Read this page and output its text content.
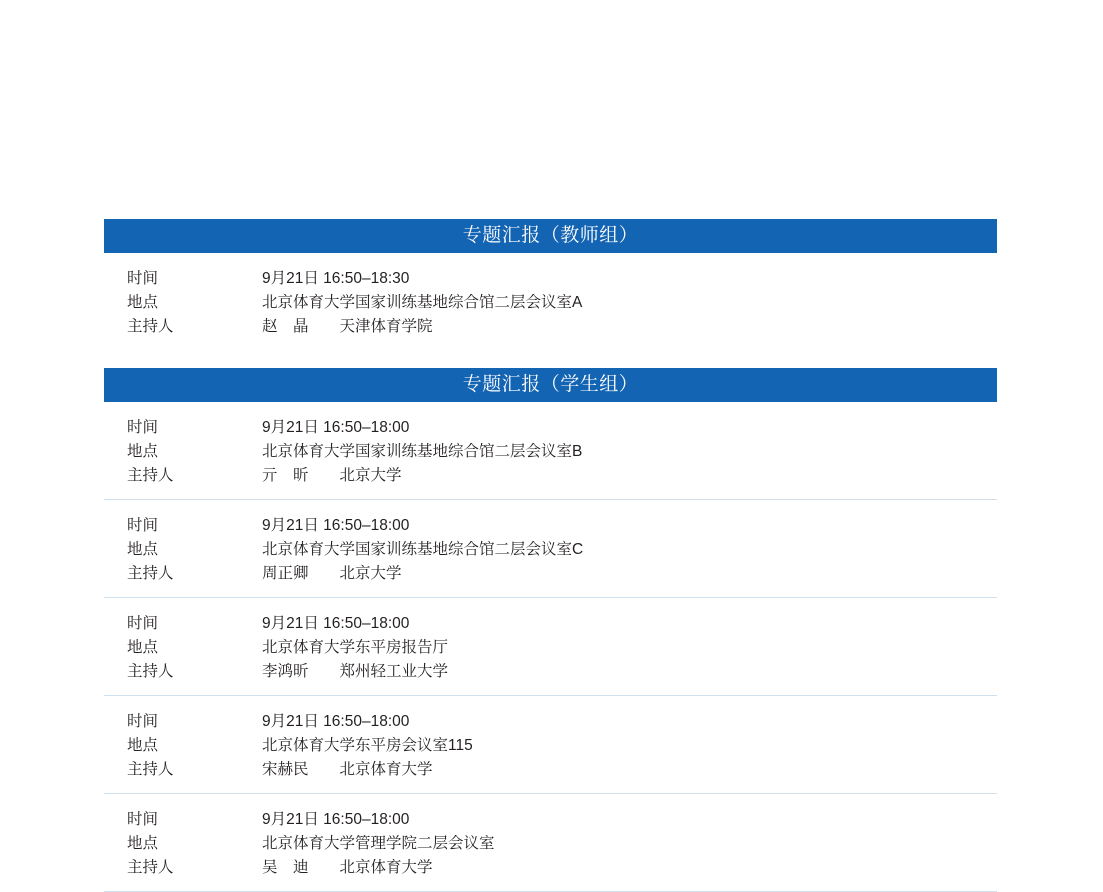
专题汇报（教师组）
时间	9月21日 16:50–18:30
地点	北京体育大学国家训练基地综合馆二层会议室A
主持人	赵　晶　　天津体育学院
专题汇报（学生组）
时间	9月21日 16:50–18:00
地点	北京体育大学国家训练基地综合馆二层会议室B
主持人	亓　昕　　北京大学
时间	9月21日 16:50–18:00
地点	北京体育大学国家训练基地综合馆二层会议室C
主持人	周正卿　　北京大学
时间	9月21日 16:50–18:00
地点	北京体育大学东平房报告厅
主持人	李鸿昕　　郑州轻工业大学
时间	9月21日 16:50–18:00
地点	北京体育大学东平房会议室115
主持人	宋赫民　　北京体育大学
时间	9月21日 16:50–18:00
地点	北京体育大学管理学院二层会议室
主持人	吴　迪　　北京体育大学
